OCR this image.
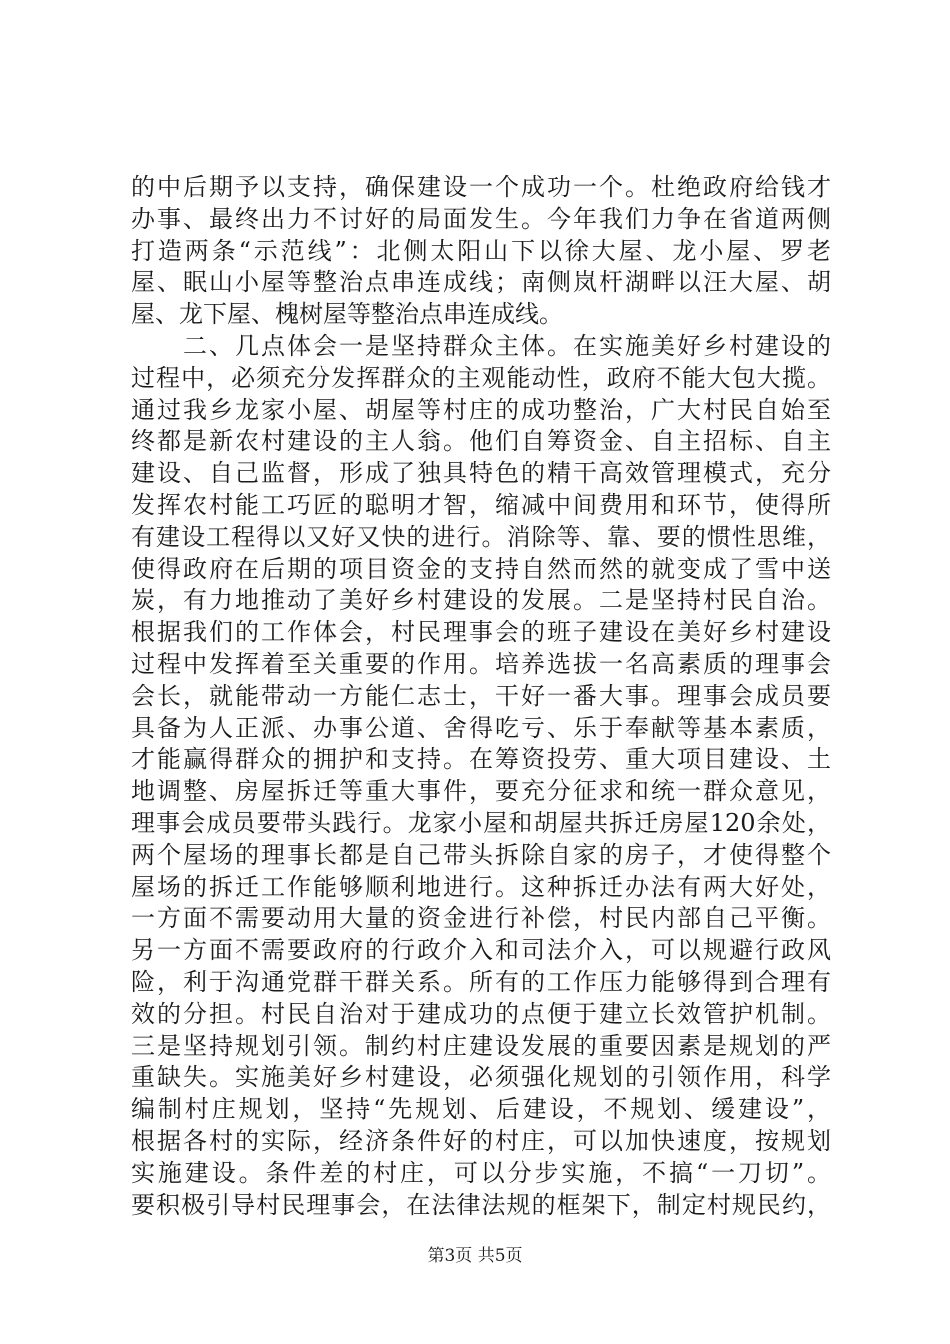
的中后期予以支持，确保建设一个成功一个。杜绝政府给钱才
办事、最终出力不讨好的局面发生。今年我们力争在省道两侧
打造两条“示范线”：北侧太阳山下以徐大屋、龙小屋、罗老
屋、眠山小屋等整治点串连成线；南侧岚杆湖畔以汪大屋、胡
屋、龙下屋、槐树屋等整治点串连成线。
　　二、几点体会一是坚持群众主体。在实施美好乡村建设的
过程中，必须充分发挥群众的主观能动性，政府不能大包大揽。
通过我乡龙家小屋、胡屋等村庄的成功整治，广大村民自始至
终都是新农村建设的主人翁。他们自筹资金、自主招标、自主
建设、自己监督，形成了独具特色的精干高效管理模式，充分
发挥农村能工巧匠的聪明才智，缩减中间费用和环节，使得所
有建设工程得以又好又快的进行。消除等、靠、要的惯性思维，
使得政府在后期的项目资金的支持自然而然的就变成了雪中送
炭，有力地推动了美好乡村建设的发展。二是坚持村民自治。
根据我们的工作体会，村民理事会的班子建设在美好乡村建设
过程中发挥着至关重要的作用。培养选拔一名高素质的理事会
会长，就能带动一方能仁志士，干好一番大事。理事会成员要
具备为人正派、办事公道、舍得吃亏、乐于奉献等基本素质，
才能赢得群众的拥护和支持。在筹资投劳、重大项目建设、土
地调整、房屋拆迁等重大事件，要充分征求和统一群众意见，
理事会成员要带头践行。龙家小屋和胡屋共拆迁房屋120余处，
两个屋场的理事长都是自己带头拆除自家的房子，才使得整个
屋场的拆迁工作能够顺利地进行。这种拆迁办法有两大好处，
一方面不需要动用大量的资金进行补偿，村民内部自己平衡。
另一方面不需要政府的行政介入和司法介入，可以规避行政风
险，利于沟通党群干群关系。所有的工作压力能够得到合理有
效的分担。村民自治对于建成功的点便于建立长效管护机制。
三是坚持规划引领。制约村庄建设发展的重要因素是规划的严
重缺失。实施美好乡村建设，必须强化规划的引领作用，科学
编制村庄规划，坚持“先规划、后建设，不规划、缓建设”，
根据各村的实际，经济条件好的村庄，可以加快速度，按规划
实施建设。条件差的村庄，可以分步实施，不搞“一刀切”。
要积极引导村民理事会，在法律法规的框架下，制定村规民约，
第3页 共5页
